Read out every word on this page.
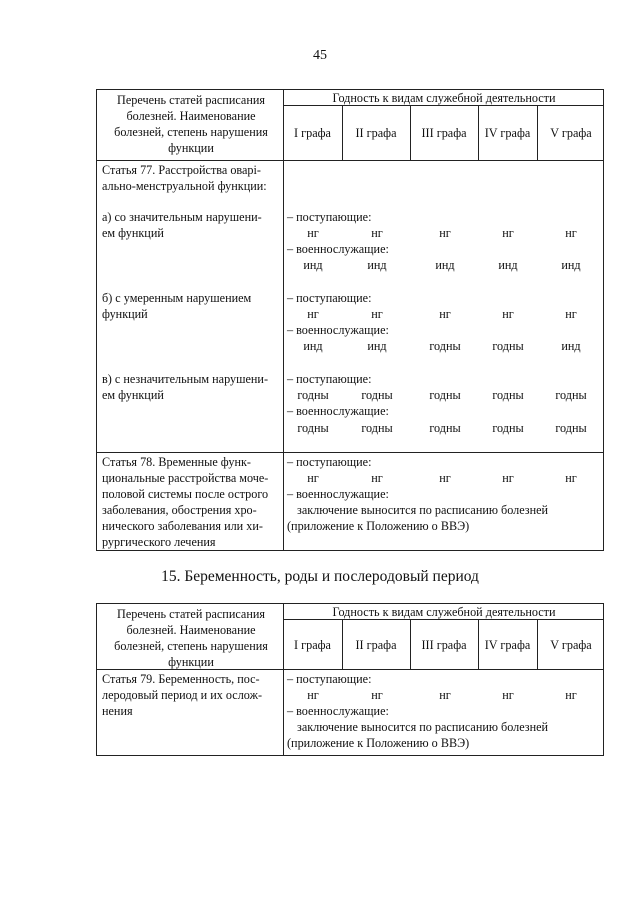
45
Перечень статей расписания болезней. Наименование болезней, степень нарушения функции
Годность к видам служебной деятельности
I графа	II графа	III графа	IV графа	V графа
Статья 77. Расстройства оварi-
ально-менструальной функции:
а) со значительным нарушени-
ем функций
– поступающие:
нг	нг	нг	нг	нг
– военнослужащие:
инд	инд	инд	инд	инд
б) с умеренным нарушением
функций
– поступающие:
нг	нг	нг	нг	нг
– военнослужащие:
инд	инд	годны	годны	инд
в) с незначительным нарушени-
ем функций
– поступающие:
годны	годны	годны	годны	годны
– военнослужащие:
годны	годны	годны	годны	годны
Статья 78. Временные функ-
циональные расстройства моче-
половой системы после острого
заболевания, обострения хро-
нического заболевания или хи-
рургического лечения
– поступающие:
нг	нг	нг	нг	нг
– военнослужащие:
заключение выносится по расписанию болезней
(приложение к Положению о ВВЭ)
15. Беременность, роды и послеродовый период
Перечень статей расписания болезней. Наименование болезней, степень нарушения функции
Годность к видам служебной деятельности
I графа	II графа	III графа	IV графа	V графа
Статья 79. Беременность, пос-
леродовый период и их ослож-
нения
– поступающие:
нг	нг	нг	нг	нг
– военнослужащие:
заключение выносится по расписанию болезней
(приложение к Положению о ВВЭ)
